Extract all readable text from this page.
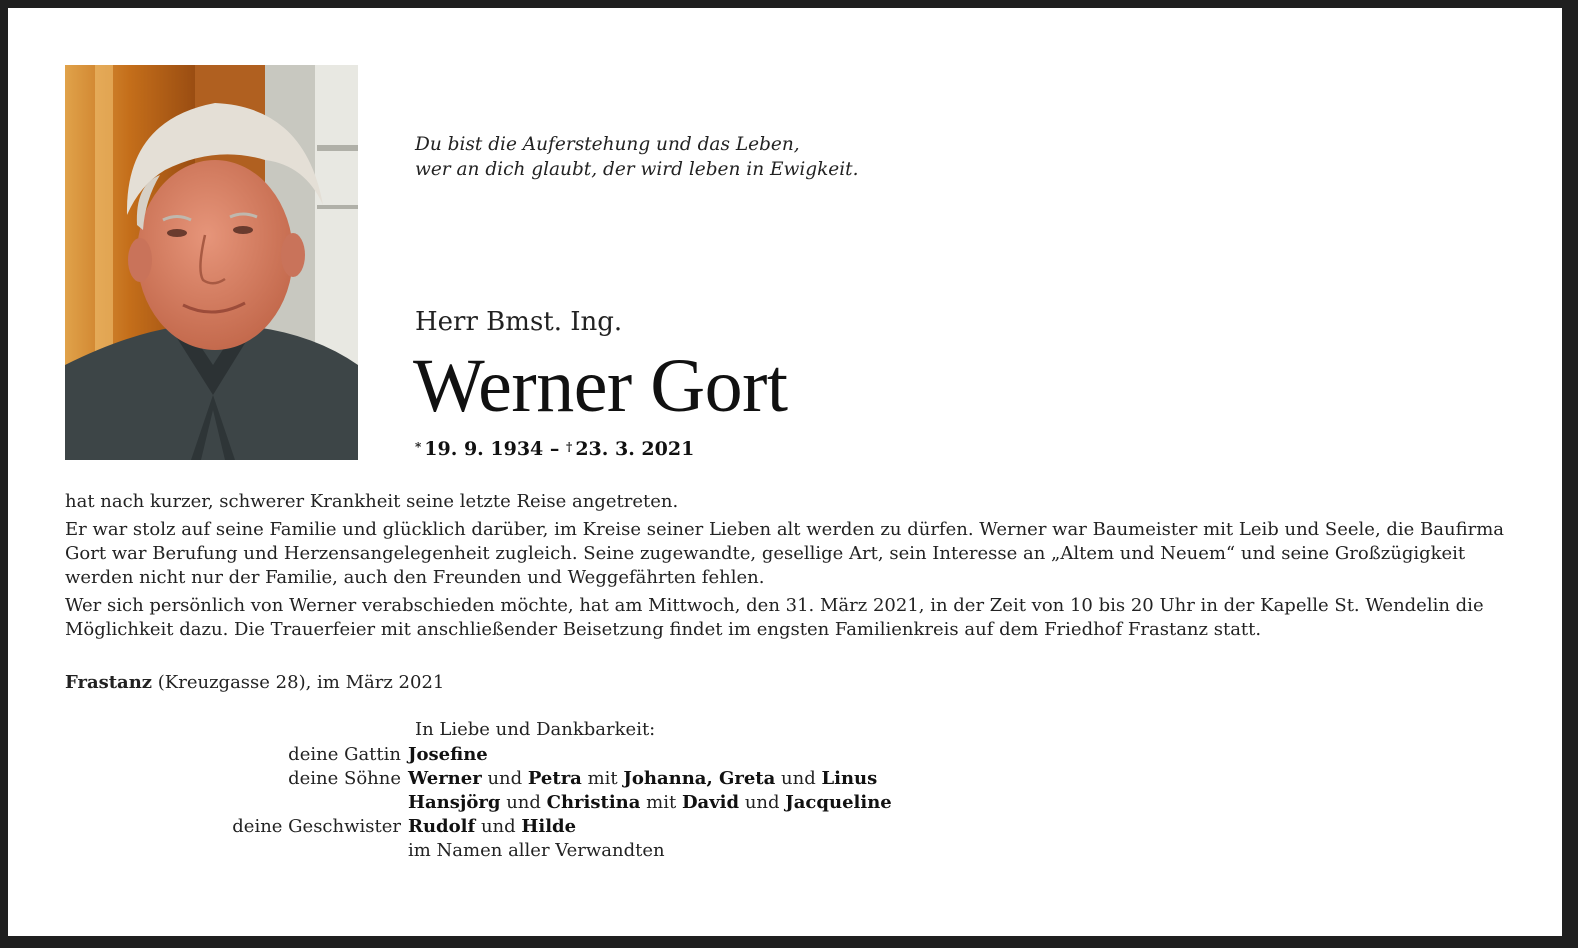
Du bist die Auferstehung und das Leben,
wer an dich glaubt, der wird leben in Ewigkeit.
Herr Bmst. Ing.
Werner Gort
* 19. 9. 1934 – † 23. 3. 2021

hat nach kurzer, schwerer Krankheit seine letzte Reise angetreten.

Er war stolz auf seine Familie und glücklich darüber, im Kreise seiner Lieben alt werden zu dürfen. Werner war Baumeister mit Leib und Seele, die Baufirma Gort war Berufung und Herzensangelegenheit zugleich. Seine zugewandte, gesellige Art, sein Interesse an „Altem und Neuem“ und seine Großzügigkeit werden nicht nur der Familie, auch den Freunden und Weggefährten fehlen.

Wer sich persönlich von Werner verabschieden möchte, hat am Mittwoch, den 31. März 2021, in der Zeit von 10 bis 20 Uhr in der Kapelle St. Wendelin die Möglichkeit dazu. Die Trauerfeier mit anschließender Beisetzung findet im engsten Familienkreis auf dem Friedhof Frastanz statt.

Frastanz (Kreuzgasse 28), im März 2021
In Liebe und Dankbarkeit:
deine Gattin Josefine
deine Söhne Werner und Petra mit Johanna, Greta und Linus
Hansjörg und Christina mit David und Jacqueline
deine Geschwister Rudolf und Hilde
im Namen aller Verwandten
